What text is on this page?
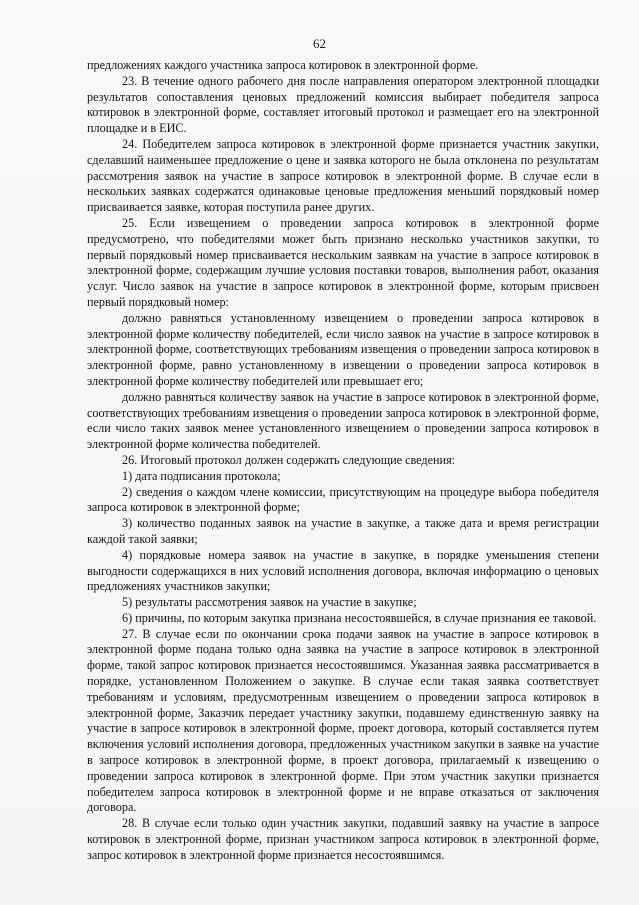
62

предложениях каждого участника запроса котировок в электронной форме.

23. В течение одного рабочего дня после направления оператором электронной площадки результатов сопоставления ценовых предложений комиссия выбирает победителя запроса котировок в электронной форме, составляет итоговый протокол и размещает его на электронной площадке и в ЕИС.

24. Победителем запроса котировок в электронной форме признается участник закупки, сделавший наименьшее предложение о цене и заявка которого не была отклонена по результатам рассмотрения заявок на участие в запросе котировок в электронной форме. В случае если в нескольких заявках содержатся одинаковые ценовые предложения меньший порядковый номер присваивается заявке, которая поступила ранее других.

25. Если извещением о проведении запроса котировок в электронной форме предусмотрено, что победителями может быть признано несколько участников закупки, то первый порядковый номер присваивается нескольким заявкам на участие в запросе котировок в электронной форме, содержащим лучшие условия поставки товаров, выполнения работ, оказания услуг. Число заявок на участие в запросе котировок в электронной форме, которым присвоен первый порядковый номер:

должно равняться установленному извещением о проведении запроса котировок в электронной форме количеству победителей, если число заявок на участие в запросе котировок в электронной форме, соответствующих требованиям извещения о проведении запроса котировок в электронной форме, равно установленному в извещении о проведении запроса котировок в электронной форме количеству победителей или превышает его;

должно равняться количеству заявок на участие в запросе котировок в электронной форме, соответствующих требованиям извещения о проведении запроса котировок в электронной форме, если число таких заявок менее установленного извещением о проведении запроса котировок в электронной форме количества победителей.

26. Итоговый протокол должен содержать следующие сведения:

1) дата подписания протокола;

2) сведения о каждом члене комиссии, присутствующим на процедуре выбора победителя запроса котировок в электронной форме;

3) количество поданных заявок на участие в закупке, а также дата и время регистрации каждой такой заявки;

4) порядковые номера заявок на участие в закупке, в порядке уменьшения степени выгодности содержащихся в них условий исполнения договора, включая информацию о ценовых предложениях участников закупки;

5) результаты рассмотрения заявок на участие в закупке;

6) причины, по которым закупка признана несостоявшейся, в случае признания ее таковой.

27. В случае если по окончании срока подачи заявок на участие в запросе котировок в электронной форме подана только одна заявка на участие в запросе котировок в электронной форме, такой запрос котировок признается несостоявшимся. Указанная заявка рассматривается в порядке, установленном Положением о закупке. В случае если такая заявка соответствует требованиям и условиям, предусмотренным извещением о проведении запроса котировок в электронной форме, Заказчик передает участнику закупки, подавшему единственную заявку на участие в запросе котировок в электронной форме, проект договора, который составляется путем включения условий исполнения договора, предложенных участником закупки в заявке на участие в запросе котировок в электронной форме, в проект договора, прилагаемый к извещению о проведении запроса котировок в электронной форме. При этом участник закупки признается победителем запроса котировок в электронной форме и не вправе отказаться от заключения договора.

28. В случае если только один участник закупки, подавший заявку на участие в запросе котировок в электронной форме, признан участником запроса котировок в электронной форме, запрос котировок в электронной форме признается несостоявшимся.
